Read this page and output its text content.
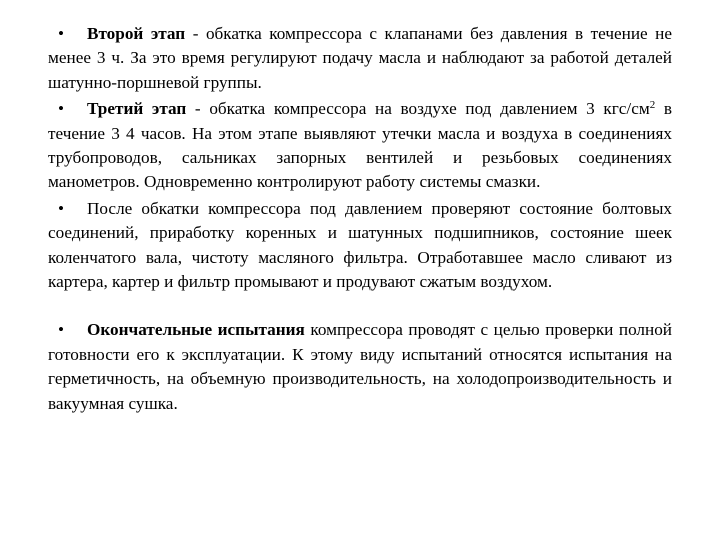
• Второй этап - обкатка компрессора с клапанами без давления в течение не менее 3 ч. За это время регулируют подачу масла и наблюдают за работой деталей шатунно-поршневой группы.

• Третий этап - обкатка компрессора на воздухе под давлением 3 кгс/$см^2$ в течение 3 4 часов. На этом этапе выявляют утечки масла и воздуха в соединениях трубопроводов, сальниках запорных вентилей и резьбовых соединениях манометров. Одновременно контролируют работу системы смазки.

• После обкатки компрессора под давлением проверяют состояние болтовых соединений, приработку коренных и шатунных подшипников, состояние шеек коленчатого вала, чистоту масляного фильтра. Отработавшее масло сливают из картера, картер и фильтр промывают и продувают сжатым воздухом.

• Окончательные испытания компрессора проводят с целью проверки полной готовности его к эксплуатации. К этому виду испытаний относятся испытания на герметичность, на объемную производительность, на холодопроизводительность и вакуумная сушка.
